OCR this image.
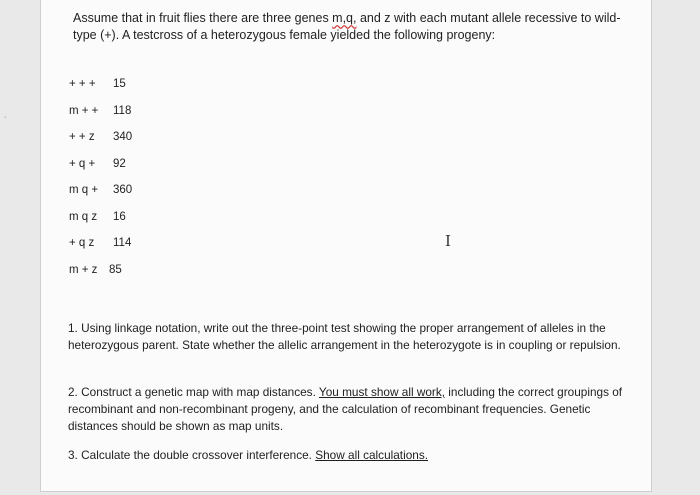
·

Assume that in fruit flies there are three genes m,q, and z with each mutant allele recessive to wild-type (+). A testcross of a heterozygous female yielded the following progeny:

+ + + 15
m + + 118
+ + z 340
+ q + 92
m q + 360
m q z 16
+ q z 114
m + z 85
I

1. Using linkage notation, write out the three-point test showing the proper arrangement of alleles in the heterozygous parent. State whether the allelic arrangement in the heterozygote is in coupling or repulsion.

2. Construct a genetic map with map distances. You must show all work, including the correct groupings of recombinant and non-recombinant progeny, and the calculation of recombinant frequencies. Genetic distances should be shown as map units.

3. Calculate the double crossover interference. Show all calculations.
